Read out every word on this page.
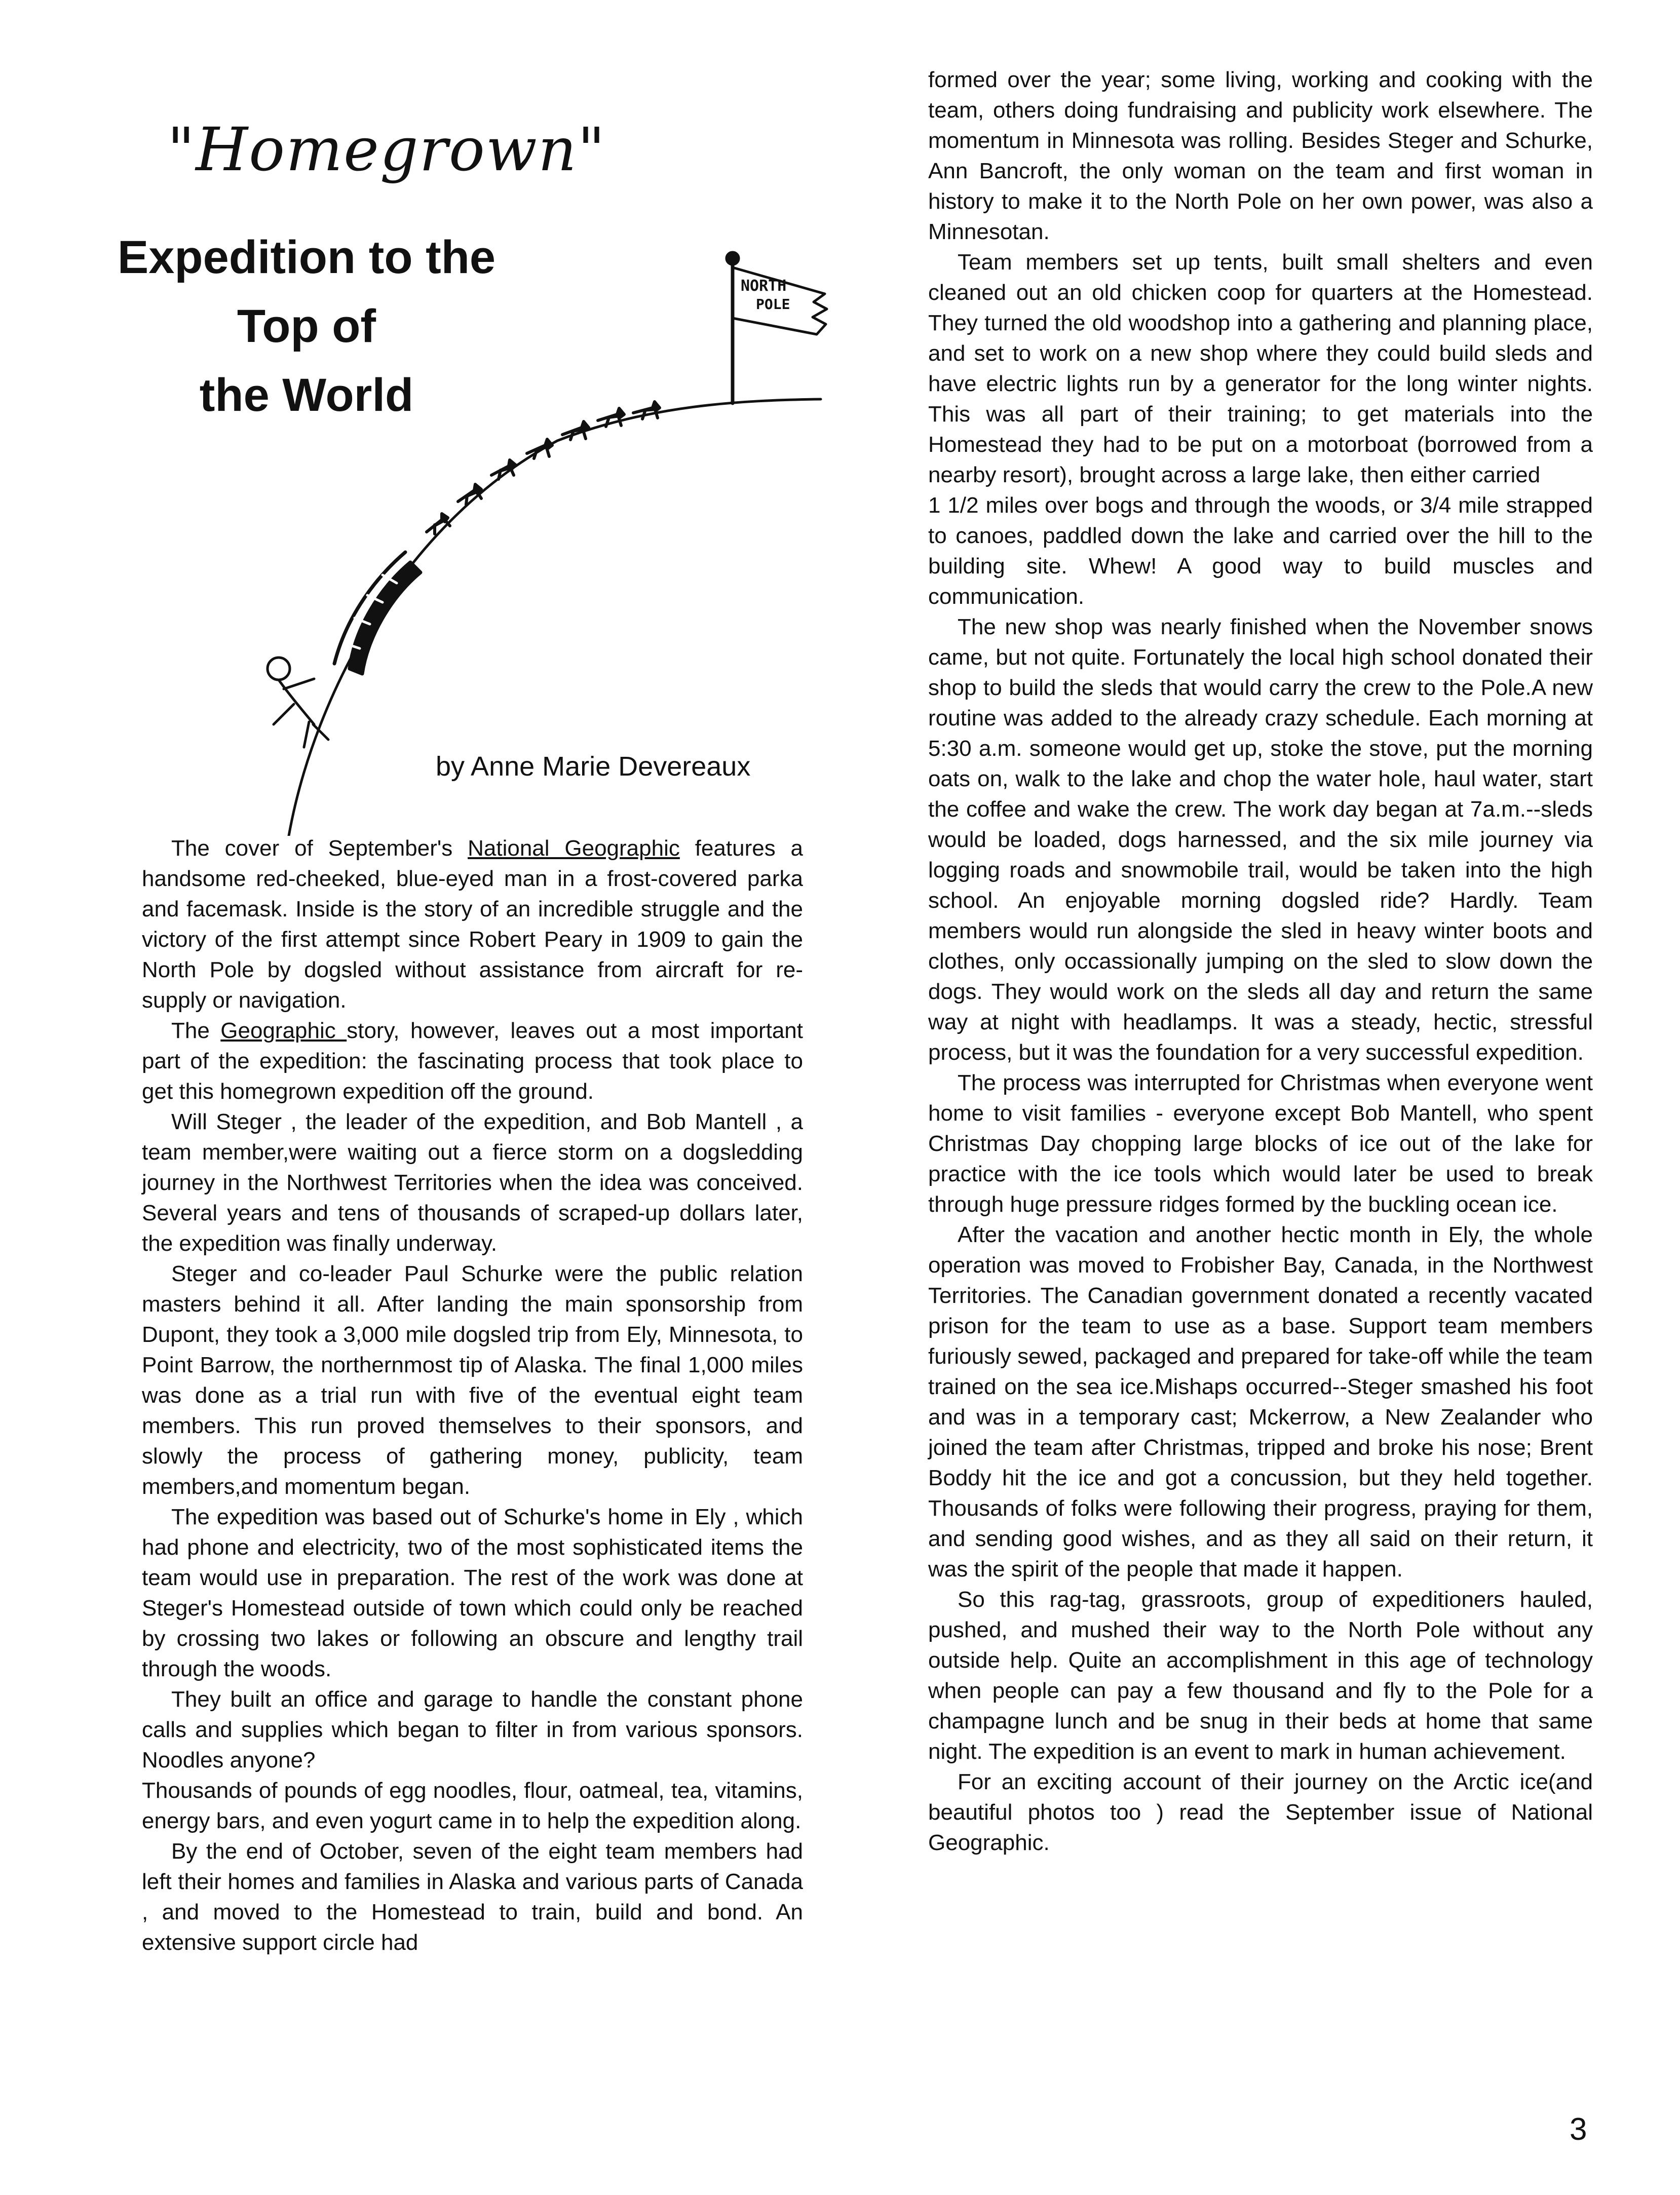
"Homegrown"
Expedition to the
Top of
the World
NORTH
POLE

by Anne Marie Devereaux

The cover of September's National Geographic features a handsome red-cheeked, blue-eyed man in a frost-covered parka and facemask. Inside is the story of an incredible struggle and the victory of the first attempt since Robert Peary in 1909 to gain the North Pole by dogsled without assistance from aircraft for re-supply or navigation.

The Geographic story, however, leaves out a most important part of the expedition: the fascinating process that took place to get this homegrown expedition off the ground.

Will Steger , the leader of the expedition, and Bob Mantell , a team member,were waiting out a fierce storm on a dogsledding journey in the Northwest Territories when the idea was conceived. Several years and tens of thousands of scraped-up dollars later, the expedition was finally underway.

Steger and co-leader Paul Schurke were the public relation masters behind it all. After landing the main sponsorship from Dupont, they took a 3,000 mile dogsled trip from Ely, Minnesota, to Point Barrow, the northernmost tip of Alaska. The final 1,000 miles was done as a trial run with five of the eventual eight team members. This run proved themselves to their sponsors, and slowly the process of gathering money, publicity, team members,and momentum began.

The expedition was based out of Schurke's home in Ely , which had phone and electricity, two of the most sophisticated items the team would use in preparation. The rest of the work was done at Steger's Homestead outside of town which could only be reached by crossing two lakes or following an obscure and lengthy trail through the woods.

They built an office and garage to handle the constant phone calls and supplies which began to filter in from various sponsors. Noodles anyone?

Thousands of pounds of egg noodles, flour, oatmeal, tea, vitamins, energy bars, and even yogurt came in to help the expedition along.

By the end of October, seven of the eight team members had left their homes and families in Alaska and various parts of Canada , and moved to the Homestead to train, build and bond. An extensive support circle had

formed over the year; some living, working and cooking with the team, others doing fundraising and publicity work elsewhere. The momentum in Minnesota was rolling. Besides Steger and Schurke, Ann Bancroft, the only woman on the team and first woman in history to make it to the North Pole on her own power, was also a Minnesotan.

Team members set up tents, built small shelters and even cleaned out an old chicken coop for quarters at the Homestead. They turned the old woodshop into a gathering and planning place, and set to work on a new shop where they could build sleds and have electric lights run by a generator for the long winter nights. This was all part of their training; to get materials into the Homestead they had to be put on a motorboat (borrowed from a nearby resort), brought across a large lake, then either carried

1 1/2 miles over bogs and through the woods, or 3/4 mile strapped to canoes, paddled down the lake and carried over the hill to the building site. Whew! A good way to build muscles and communication.

The new shop was nearly finished when the November snows came, but not quite. Fortunately the local high school donated their shop to build the sleds that would carry the crew to the Pole.A new routine was added to the already crazy schedule. Each morning at 5:30 a.m. someone would get up, stoke the stove, put the morning oats on, walk to the lake and chop the water hole, haul water, start the coffee and wake the crew. The work day began at 7a.m.--sleds would be loaded, dogs harnessed, and the six mile journey via logging roads and snowmobile trail, would be taken into the high school. An enjoyable morning dogsled ride? Hardly. Team members would run alongside the sled in heavy winter boots and clothes, only occassionally jumping on the sled to slow down the dogs. They would work on the sleds all day and return the same way at night with headlamps. It was a steady, hectic, stressful process, but it was the foundation for a very successful expedition.

The process was interrupted for Christmas when everyone went home to visit families - everyone except Bob Mantell, who spent Christmas Day chopping large blocks of ice out of the lake for practice with the ice tools which would later be used to break through huge pressure ridges formed by the buckling ocean ice.

After the vacation and another hectic month in Ely, the whole operation was moved to Frobisher Bay, Canada, in the Northwest Territories. The Canadian government donated a recently vacated prison for the team to use as a base. Support team members furiously sewed, packaged and prepared for take-off while the team trained on the sea ice.Mishaps occurred--Steger smashed his foot and was in a temporary cast; Mckerrow, a New Zealander who joined the team after Christmas, tripped and broke his nose; Brent Boddy hit the ice and got a concussion, but they held together. Thousands of folks were following their progress, praying for them, and sending good wishes, and as they all said on their return, it was the spirit of the people that made it happen.

So this rag-tag, grassroots, group of expeditioners hauled, pushed, and mushed their way to the North Pole without any outside help. Quite an accomplishment in this age of technology when people can pay a few thousand and fly to the Pole for a champagne lunch and be snug in their beds at home that same night. The expedition is an event to mark in human achievement.

For an exciting account of their journey on the Arctic ice(and beautiful photos too ) read the September issue of National Geographic.

3
